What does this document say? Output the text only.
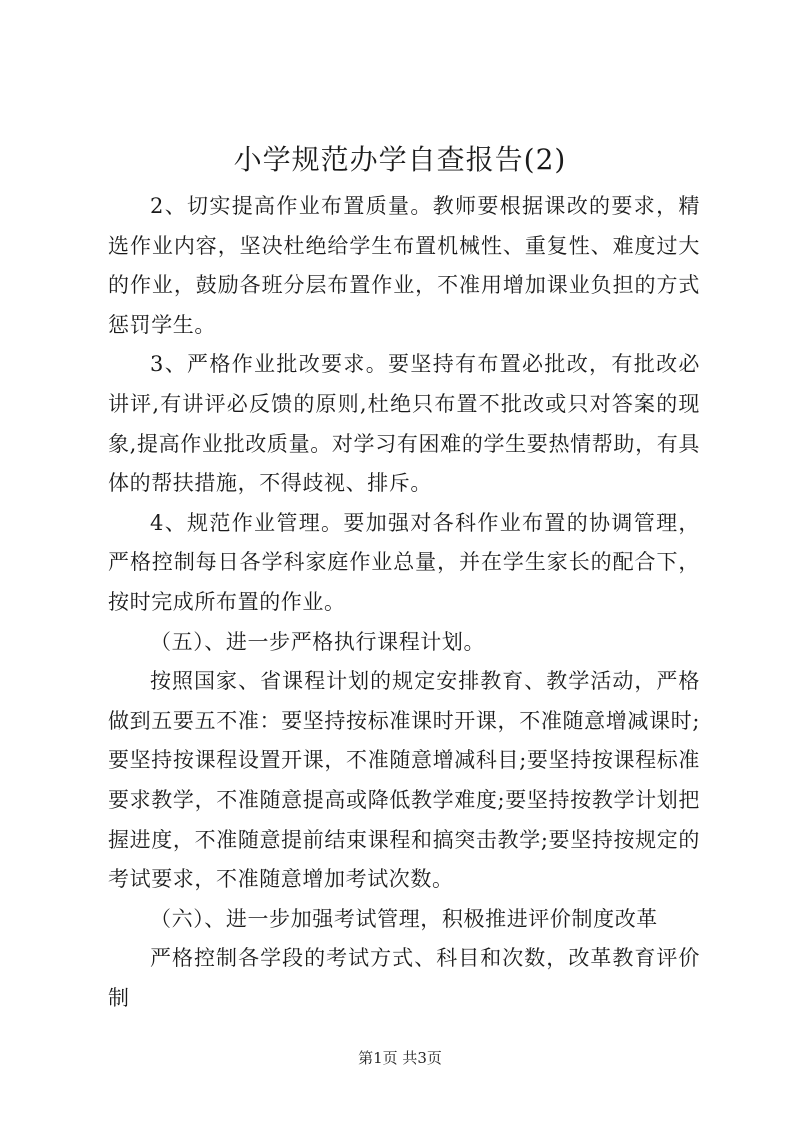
小学规范办学自查报告(2)

2、切实提高作业布置质量。教师要根据课改的要求，精选作业内容，坚决杜绝给学生布置机械性、重复性、难度过大的作业，鼓励各班分层布置作业，不准用增加课业负担的方式惩罚学生。

3、严格作业批改要求。要坚持有布置必批改，有批改必讲评,有讲评必反馈的原则,杜绝只布置不批改或只对答案的现象,提高作业批改质量。对学习有困难的学生要热情帮助，有具体的帮扶措施，不得歧视、排斥。

4、规范作业管理。要加强对各科作业布置的协调管理，严格控制每日各学科家庭作业总量，并在学生家长的配合下，按时完成所布置的作业。

（五）、进一步严格执行课程计划。

按照国家、省课程计划的规定安排教育、教学活动，严格做到五要五不准：要坚持按标准课时开课，不准随意增减课时;要坚持按课程设置开课，不准随意增减科目;要坚持按课程标准要求教学，不准随意提高或降低教学难度;要坚持按教学计划把握进度，不准随意提前结束课程和搞突击教学;要坚持按规定的考试要求，不准随意增加考试次数。

（六）、进一步加强考试管理，积极推进评价制度改革

严格控制各学段的考试方式、科目和次数，改革教育评价制

第1页 共3页
